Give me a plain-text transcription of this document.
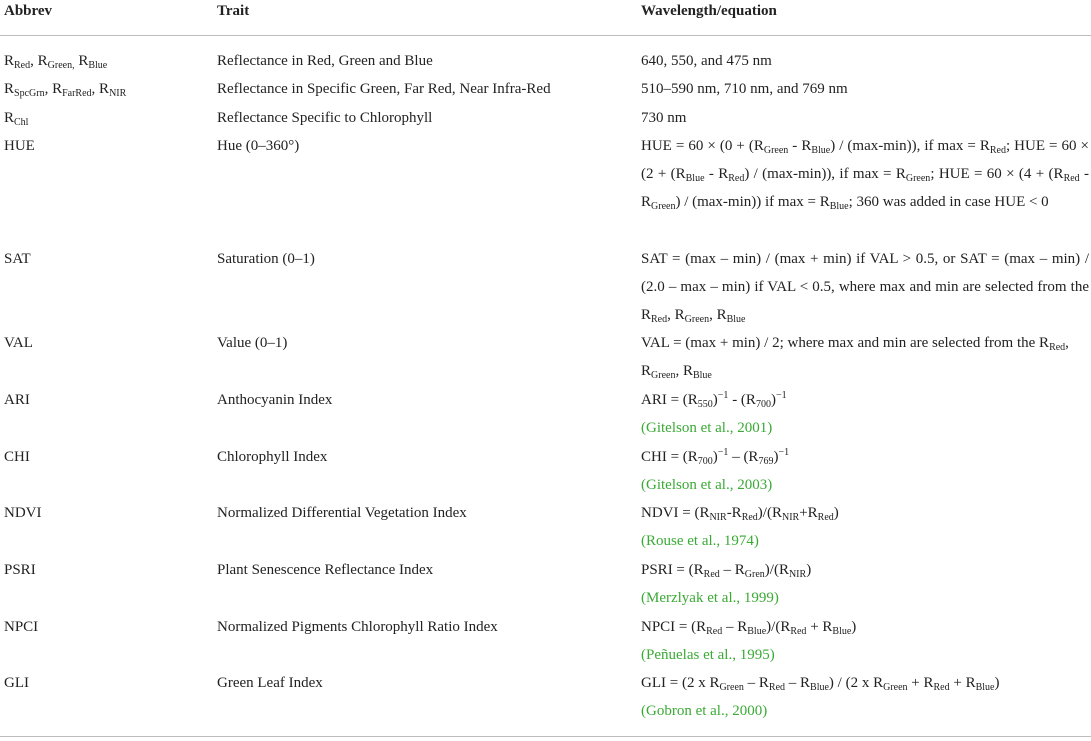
Abbrev	Trait	Wavelength/equation
$R_{Red}$, $R_{Green,}$ $R_{Blue}$	Reflectance in Red, Green and Blue	640, 550, and 475 nm
$R_{SpcGrn}$, $R_{FarRed}$, $R_{NIR}$	Reflectance in Specific Green, Far Red, Near Infra-Red	510–590 nm, 710 nm, and 769 nm
$R_{Chl}$	Reflectance Specific to Chlorophyll	730 nm
HUE	Hue (0–360°)	HUE = $60 \times (0 + (R_{Green} - R_{Blue}) / (\max-\min))$, if $\max = R_{Red}$; HUE = $60 \times (2 + (R_{Blue} - R_{Red}) / (\max-\min))$, if $\max = R_{Green}$; HUE = $60 \times (4 + (R_{Red} - R_{Green}) / (\max-\min))$ if $\max = R_{Blue}$; 360 was added in case HUE < 0
SAT	Saturation (0–1)	SAT = (max – min) / (max + min) if VAL > 0.5, or SAT = (max – min) / (2.0 – max – min) if VAL < 0.5, where max and min are selected from the $R_{Red}$, $R_{Green}$, $R_{Blue}$
VAL	Value (0–1)	VAL = (max + min) / 2; where max and min are selected from the $R_{Red}$, $R_{Green}$, $R_{Blue}$
ARI	Anthocyanin Index	ARI = $(R_{550})^{-1} - (R_{700})^{-1}$
(Gitelson et al., 2001)
CHI	Chlorophyll Index	CHI = $(R_{700})^{-1} - (R_{769})^{-1}$
(Gitelson et al., 2003)
NDVI	Normalized Differential Vegetation Index	NDVI = $(R_{NIR}-R_{Red})/(R_{NIR}+R_{Red})$
(Rouse et al., 1974)
PSRI	Plant Senescence Reflectance Index	PSRI = $(R_{Red} - R_{Gren})/(R_{NIR})$
(Merzlyak et al., 1999)
NPCI	Normalized Pigments Chlorophyll Ratio Index	NPCI = $(R_{Red} - R_{Blue})/(R_{Red} + R_{Blue})$
(Peñuelas et al., 1995)
GLI	Green Leaf Index	GLI = (2 x $R_{Green} - R_{Red} - R_{Blue}) / (2$ x $R_{Green} + R_{Red} + R_{Blue}$)
(Gobron et al., 2000)
